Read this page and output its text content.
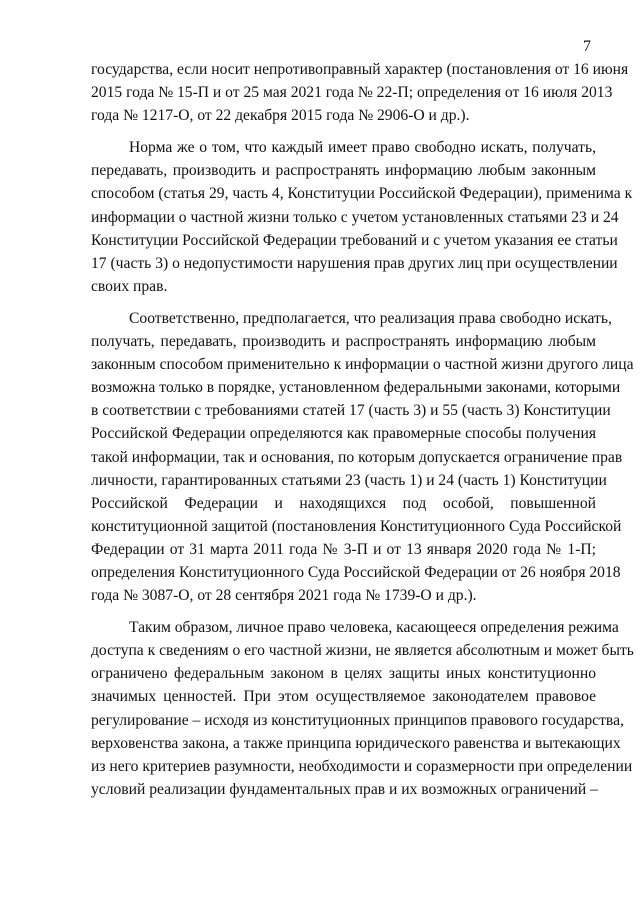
7
государства, если носит непротивоправный характер (постановления от 16 июня
2015 года № 15-П и от 25 мая 2021 года № 22-П; определения от 16 июля 2013
года № 1217-О, от 22 декабря 2015 года № 2906-О и др.).
Норма же о том, что каждый имеет право свободно искать, получать,
передавать, производить и распространять информацию любым законным
способом (статья 29, часть 4, Конституции Российской Федерации), применима к
информации о частной жизни только с учетом установленных статьями 23 и 24
Конституции Российской Федерации требований и с учетом указания ее статьи
17 (часть 3) о недопустимости нарушения прав других лиц при осуществлении
своих прав.
Соответственно, предполагается, что реализация права свободно искать,
получать, передавать, производить и распространять информацию любым
законным способом применительно к информации о частной жизни другого лица
возможна только в порядке, установленном федеральными законами, которыми
в соответствии с требованиями статей 17 (часть 3) и 55 (часть 3) Конституции
Российской Федерации определяются как правомерные способы получения
такой информации, так и основания, по которым допускается ограничение прав
личности, гарантированных статьями 23 (часть 1) и 24 (часть 1) Конституции
Российской Федерации и находящихся под особой, повышенной
конституционной защитой (постановления Конституционного Суда Российской
Федерации от 31 марта 2011 года № 3-П и от 13 января 2020 года № 1-П;
определения Конституционного Суда Российской Федерации от 26 ноября 2018
года № 3087-О, от 28 сентября 2021 года № 1739-О и др.).
Таким образом, личное право человека, касающееся определения режима
доступа к сведениям о его частной жизни, не является абсолютным и может быть
ограничено федеральным законом в целях защиты иных конституционно
значимых ценностей. При этом осуществляемое законодателем правовое
регулирование – исходя из конституционных принципов правового государства,
верховенства закона, а также принципа юридического равенства и вытекающих
из него критериев разумности, необходимости и соразмерности при определении
условий реализации фундаментальных прав и их возможных ограничений –
